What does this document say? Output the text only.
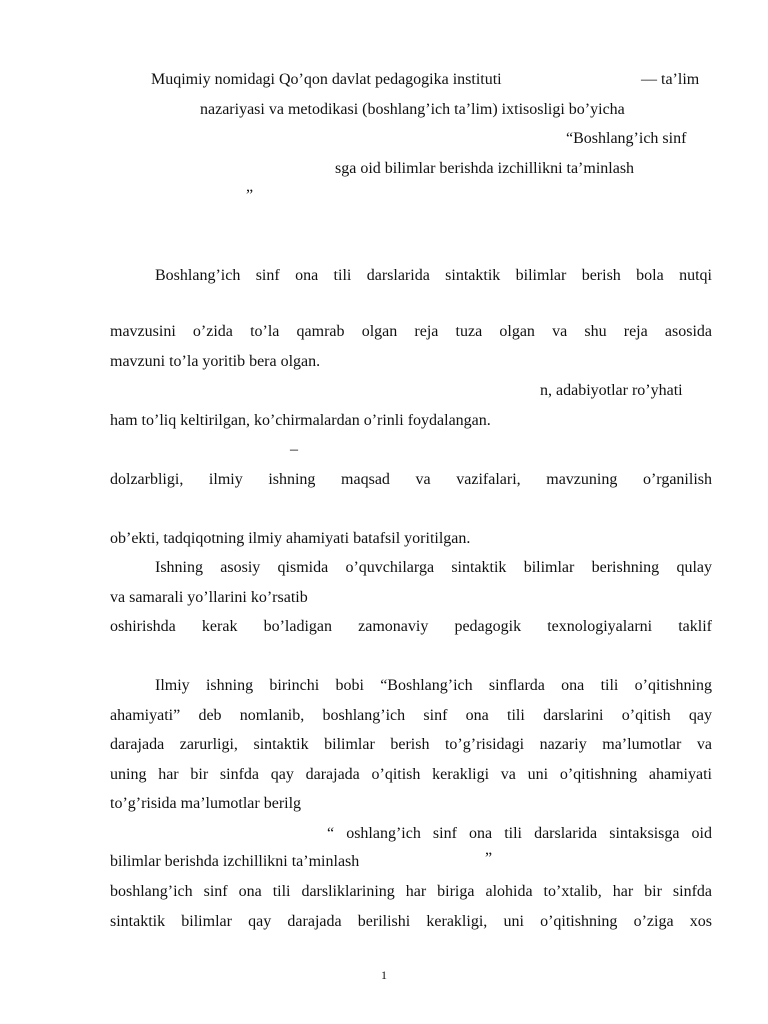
Muqimiy nomidagi Qo’qon davlat pedagogika instituti	— ta’lim
nazariyasi va metodikasi (boshlang’ich ta’lim) ixtisosligi bo’yicha
“Boshlang’ich sinf
sga oid bilimlar berishda izchillikni ta’minlash
”
Boshlang’ich sinf ona tili darslarida sintaktik bilimlar berish bola nutqi
mavzusini o’zida to’la qamrab olgan reja tuza olgan va shu reja asosida
mavzuni to’la yoritib bera olgan.
n, adabiyotlar ro’yhati
ham to’liq keltirilgan, ko’chirmalardan o’rinli foydalangan.
–
dolzarbligi, ilmiy ishning maqsad va vazifalari, mavzuning o’rganilish
ob’ekti, tadqiqotning ilmiy ahamiyati batafsil yoritilgan.
Ishning asosiy qismida o’quvchilarga sintaktik bilimlar berishning qulay
va samarali yo’llarini ko’rsatib
oshirishda kerak bo’ladigan zamonaviy pedagogik texnologiyalarni taklif
Ilmiy ishning birinchi bobi “Boshlang’ich sinflarda ona tili o’qitishning
ahamiyati” deb nomlanib, boshlang’ich sinf ona tili darslarini o’qitish qay
darajada zarurligi, sintaktik bilimlar berish to’g’risidagi nazariy ma’lumotlar va
uning har bir sinfda qay darajada o’qitish kerakligi va uni o’qitishning ahamiyati
to’g’risida ma’lumotlar berilg
“ oshlang’ich sinf ona tili darslarida sintaksisga oid
bilimlar berishda izchillikni ta’minlash	”
boshlang’ich sinf ona tili darsliklarining har biriga alohida to’xtalib, har bir sinfda
sintaktik bilimlar qay darajada berilishi kerakligi, uni o’qitishning o’ziga xos
1
